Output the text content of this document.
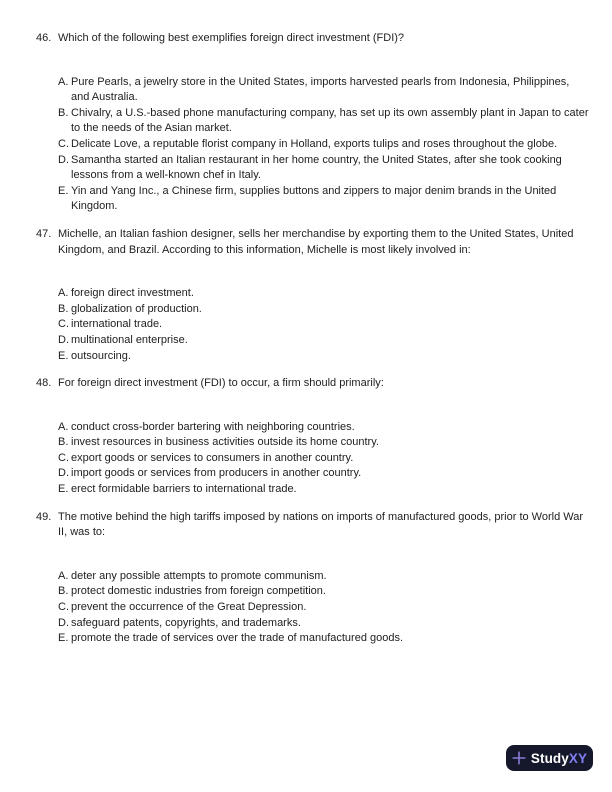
46. Which of the following best exemplifies foreign direct investment (FDI)?
A. Pure Pearls, a jewelry store in the United States, imports harvested pearls from Indonesia, Philippines, and Australia.
B. Chivalry, a U.S.-based phone manufacturing company, has set up its own assembly plant in Japan to cater to the needs of the Asian market.
C. Delicate Love, a reputable florist company in Holland, exports tulips and roses throughout the globe.
D. Samantha started an Italian restaurant in her home country, the United States, after she took cooking lessons from a well-known chef in Italy.
E. Yin and Yang Inc., a Chinese firm, supplies buttons and zippers to major denim brands in the United Kingdom.
47. Michelle, an Italian fashion designer, sells her merchandise by exporting them to the United States, United Kingdom, and Brazil. According to this information, Michelle is most likely involved in:
A. foreign direct investment.
B. globalization of production.
C. international trade.
D. multinational enterprise.
E. outsourcing.
48. For foreign direct investment (FDI) to occur, a firm should primarily:
A. conduct cross-border bartering with neighboring countries.
B. invest resources in business activities outside its home country.
C. export goods or services to consumers in another country.
D. import goods or services from producers in another country.
E. erect formidable barriers to international trade.
49. The motive behind the high tariffs imposed by nations on imports of manufactured goods, prior to World War II, was to:
A. deter any possible attempts to promote communism.
B. protect domestic industries from foreign competition.
C. prevent the occurrence of the Great Depression.
D. safeguard patents, copyrights, and trademarks.
E. promote the trade of services over the trade of manufactured goods.
StudyXY
